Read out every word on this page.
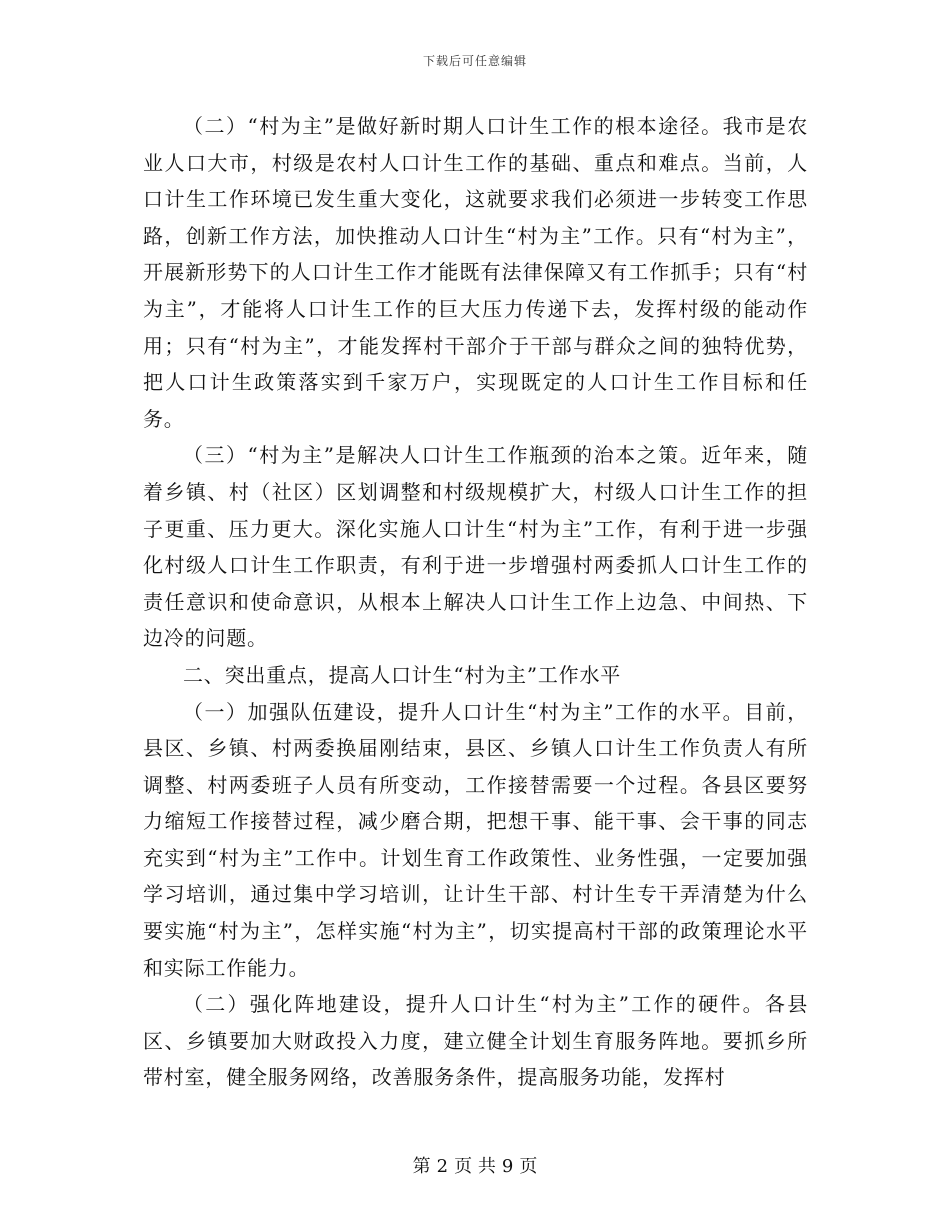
下载后可任意编辑

（二）“村为主”是做好新时期人口计生工作的根本途径。我市是农业人口大市，村级是农村人口计生工作的基础、重点和难点。当前，人口计生工作环境已发生重大变化，这就要求我们必须进一步转变工作思路，创新工作方法，加快推动人口计生“村为主”工作。只有“村为主”，开展新形势下的人口计生工作才能既有法律保障又有工作抓手；只有“村为主”，才能将人口计生工作的巨大压力传递下去，发挥村级的能动作用；只有“村为主”，才能发挥村干部介于干部与群众之间的独特优势，把人口计生政策落实到千家万户，实现既定的人口计生工作目标和任务。

（三）“村为主”是解决人口计生工作瓶颈的治本之策。近年来，随着乡镇、村（社区）区划调整和村级规模扩大，村级人口计生工作的担子更重、压力更大。深化实施人口计生“村为主”工作，有利于进一步强化村级人口计生工作职责，有利于进一步增强村两委抓人口计生工作的责任意识和使命意识，从根本上解决人口计生工作上边急、中间热、下边冷的问题。

二、突出重点，提高人口计生“村为主”工作水平

（一）加强队伍建设，提升人口计生“村为主”工作的水平。目前，县区、乡镇、村两委换届刚结束，县区、乡镇人口计生工作负责人有所调整、村两委班子人员有所变动，工作接替需要一个过程。各县区要努力缩短工作接替过程，减少磨合期，把想干事、能干事、会干事的同志充实到“村为主”工作中。计划生育工作政策性、业务性强，一定要加强学习培训，通过集中学习培训，让计生干部、村计生专干弄清楚为什么要实施“村为主”，怎样实施“村为主”，切实提高村干部的政策理论水平和实际工作能力。

（二）强化阵地建设，提升人口计生“村为主”工作的硬件。各县区、乡镇要加大财政投入力度，建立健全计划生育服务阵地。要抓乡所带村室，健全服务网络，改善服务条件，提高服务功能，发挥村

第 2 页 共 9 页
